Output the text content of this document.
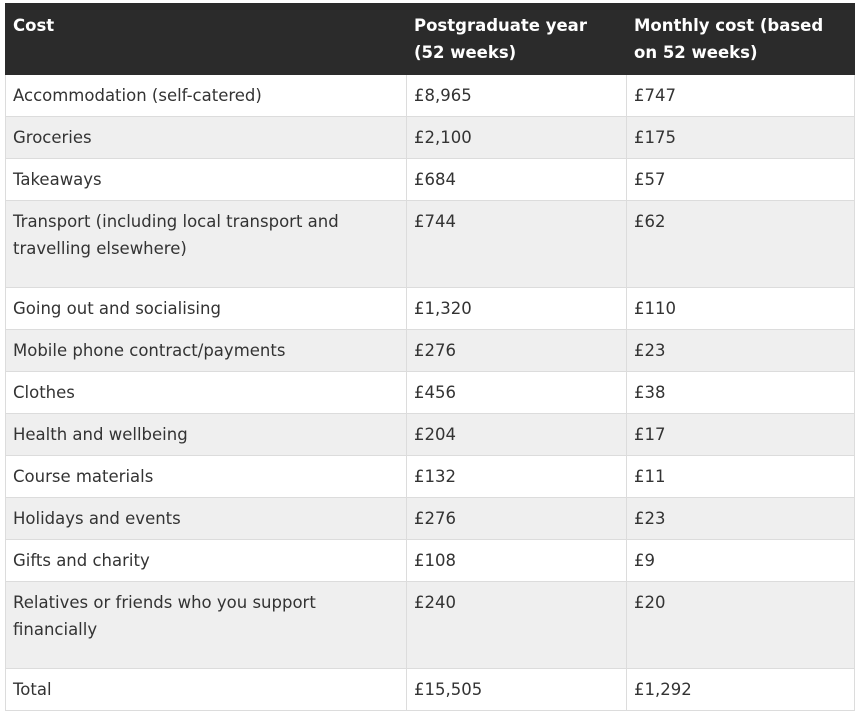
Cost	Postgraduate year (52 weeks)	Monthly cost (based on 52 weeks)
Accommodation (self-catered)	£8,965	£747
Groceries	£2,100	£175
Takeaways	£684	£57
Transport (including local transport and travelling elsewhere)	£744	£62
Going out and socialising	£1,320	£110
Mobile phone contract/payments	£276	£23
Clothes	£456	£38
Health and wellbeing	£204	£17
Course materials	£132	£11
Holidays and events	£276	£23
Gifts and charity	£108	£9
Relatives or friends who you support financially	£240	£20
Total	£15,505	£1,292
